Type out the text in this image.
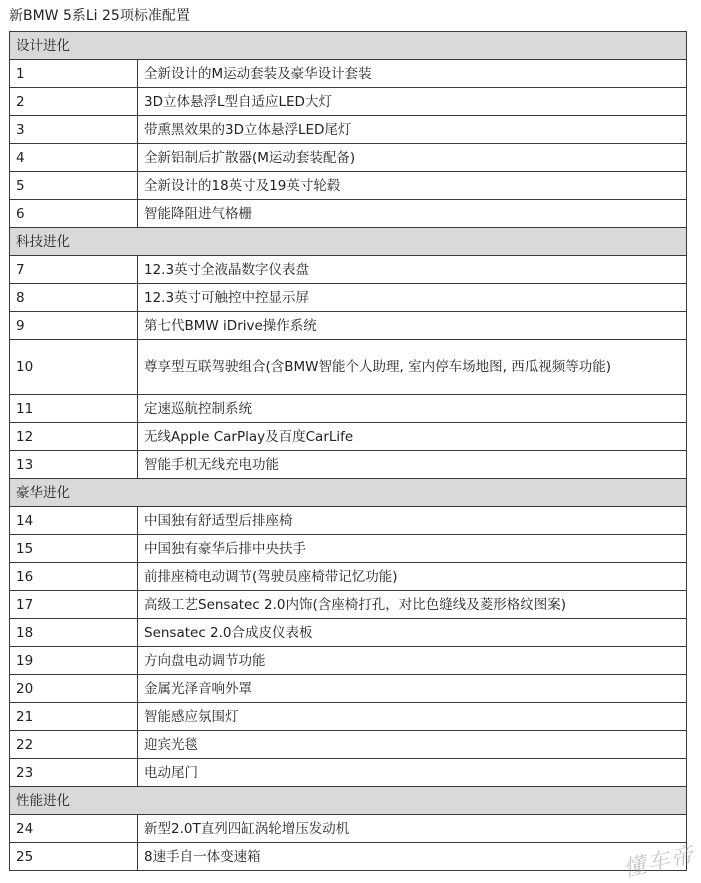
新BMW 5系Li 25项标准配置
设计进化	
1	全新设计的M运动套装及豪华设计套装
2	3D立体悬浮L型自适应LED大灯
3	带熏黑效果的3D立体悬浮LED尾灯
4	全新铝制后扩散器(M运动套装配备)
5	全新设计的18英寸及19英寸轮毂
6	智能降阻进气格栅
科技进化	
7	12.3英寸全液晶数字仪表盘
8	12.3英寸可触控中控显示屏
9	第七代BMW iDrive操作系统
10	尊享型互联驾驶组合(含BMW智能个人助理, 室内停车场地图, 西瓜视频等功能)
11	定速巡航控制系统
12	无线Apple CarPlay及百度CarLife
13	智能手机无线充电功能
豪华进化	
14	中国独有舒适型后排座椅
15	中国独有豪华后排中央扶手
16	前排座椅电动调节(驾驶员座椅带记忆功能)
17	高级工艺Sensatec 2.0内饰(含座椅打孔，对比色缝线及菱形格纹图案)
18	Sensatec 2.0合成皮仪表板
19	方向盘电动调节功能
20	金属光泽音响外罩
21	智能感应氛围灯
22	迎宾光毯
23	电动尾门
性能进化	
24	新型2.0T直列四缸涡轮增压发动机
25	8速手自一体变速箱	懂车帝
